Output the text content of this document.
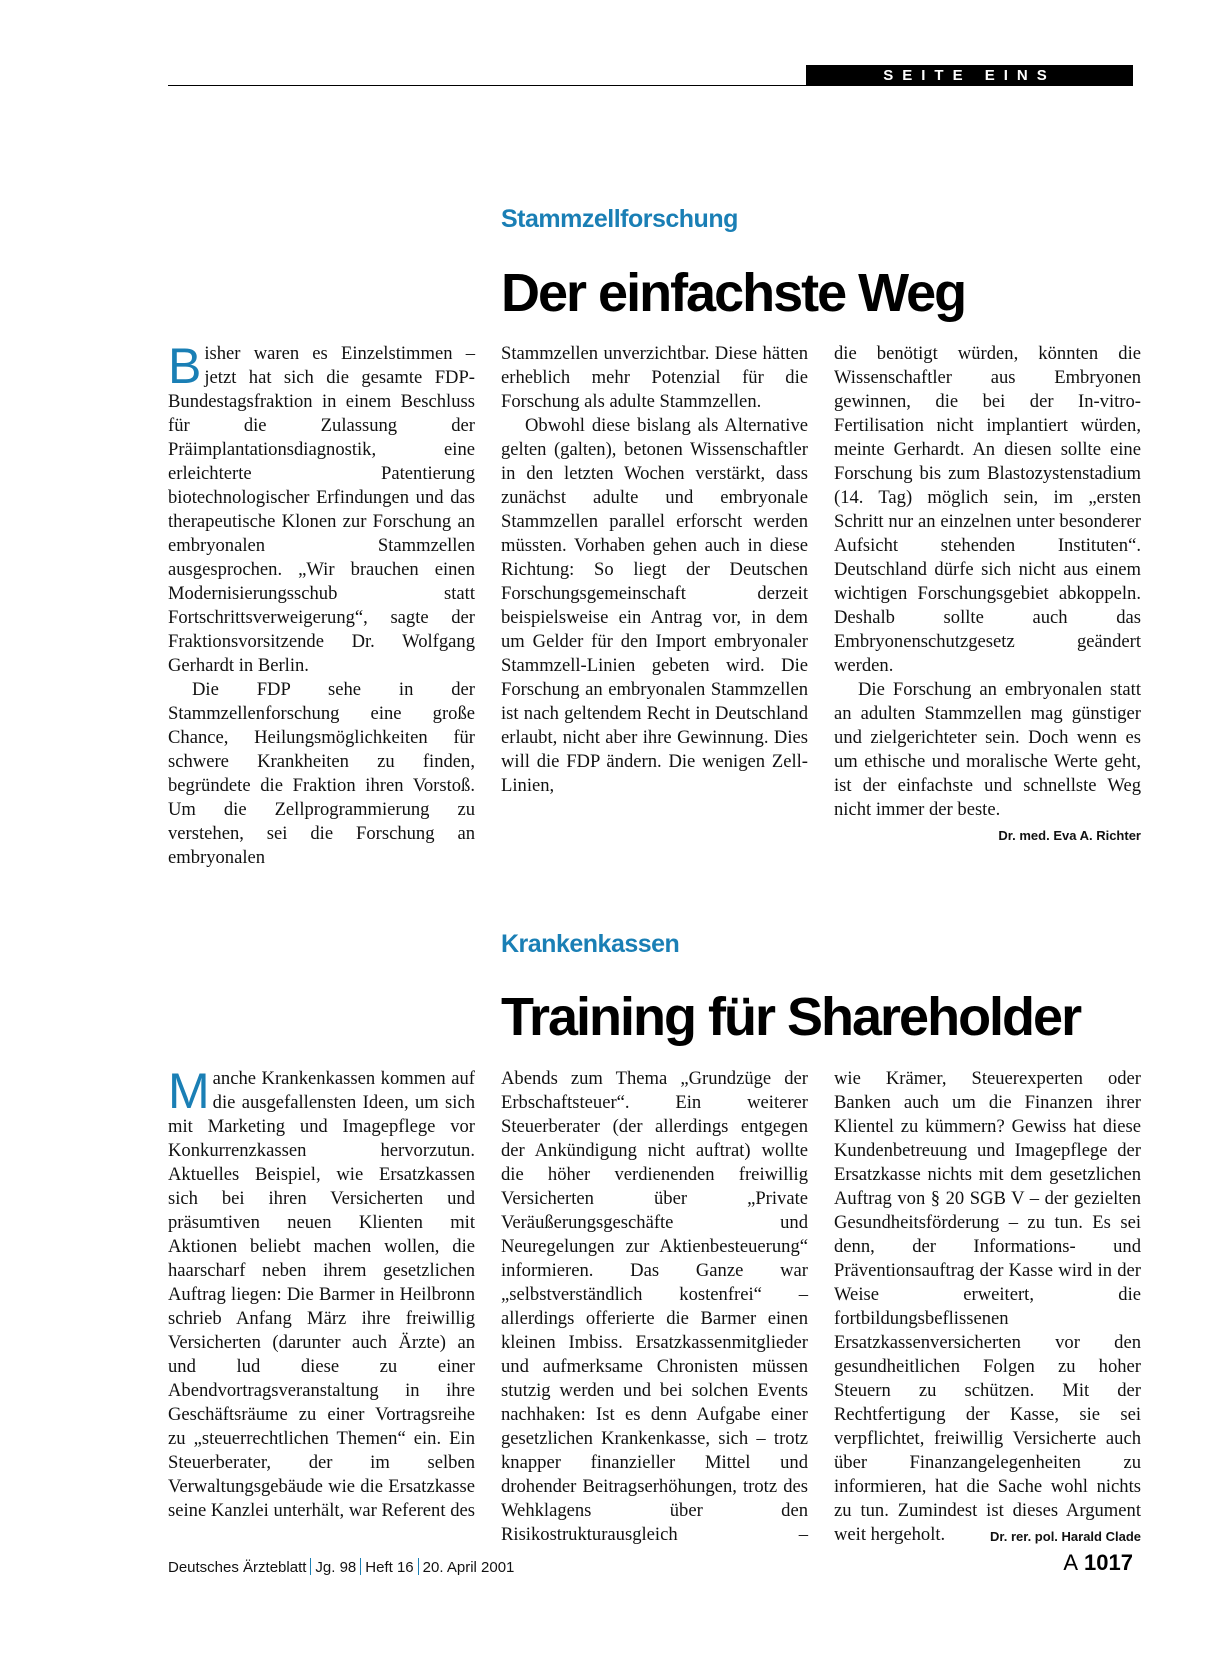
SEITE EINS
Stammzellforschung
Der einfachste Weg

Bisher waren es Einzelstimmen – jetzt hat sich die gesamte FDP-Bundestagsfraktion in einem Beschluss für die Zulassung der Präimplantationsdiagnostik, eine erleichterte Patentierung biotechnologischer Erfindungen und das therapeutische Klonen zur Forschung an embryonalen Stammzellen ausgesprochen. „Wir brauchen einen Modernisierungsschub statt Fortschrittsverweigerung“, sagte der Fraktionsvorsitzende Dr. Wolfgang Gerhardt in Berlin.

Die FDP sehe in der Stammzellenforschung eine große Chance, Heilungsmöglichkeiten für schwere Krankheiten zu finden, begründete die Fraktion ihren Vorstoß. Um die Zellprogrammierung zu verstehen, sei die Forschung an embryonalen

Stammzellen unverzichtbar. Diese hätten erheblich mehr Potenzial für die Forschung als adulte Stammzellen.

Obwohl diese bislang als Alternative gelten (galten), betonen Wissenschaftler in den letzten Wochen verstärkt, dass zunächst adulte und embryonale Stammzellen parallel erforscht werden müssten. Vorhaben gehen auch in diese Richtung: So liegt der Deutschen Forschungsgemeinschaft derzeit beispielsweise ein Antrag vor, in dem um Gelder für den Import embryonaler Stammzell-Linien gebeten wird. Die Forschung an embryonalen Stammzellen ist nach geltendem Recht in Deutschland erlaubt, nicht aber ihre Gewinnung. Dies will die FDP ändern. Die wenigen Zell-Linien,

die benötigt würden, könnten die Wissenschaftler aus Embryonen gewinnen, die bei der In-vitro-Fertilisation nicht implantiert würden, meinte Gerhardt. An diesen sollte eine Forschung bis zum Blastozystenstadium (14. Tag) möglich sein, im „ersten Schritt nur an einzelnen unter besonderer Aufsicht stehenden Instituten“. Deutschland dürfe sich nicht aus einem wichtigen Forschungsgebiet abkoppeln. Deshalb sollte auch das Embryonenschutzgesetz geändert werden.

Die Forschung an embryonalen statt an adulten Stammzellen mag günstiger und zielgerichteter sein. Doch wenn es um ethische und moralische Werte geht, ist der einfachste und schnellste Weg nicht immer der beste.
Dr. med. Eva A. Richter

Krankenkassen
Training für Shareholder

Manche Krankenkassen kommen auf die ausgefallensten Ideen, um sich mit Marketing und Imagepflege vor Konkurrenzkassen hervorzutun. Aktuelles Beispiel, wie Ersatzkassen sich bei ihren Versicherten und präsumtiven neuen Klienten mit Aktionen beliebt machen wollen, die haarscharf neben ihrem gesetzlichen Auftrag liegen: Die Barmer in Heilbronn schrieb Anfang März ihre freiwillig Versicherten (darunter auch Ärzte) an und lud diese zu einer Abendvortragsveranstaltung in ihre Geschäftsräume zu einer Vortragsreihe zu „steuerrechtlichen Themen“ ein. Ein Steuerberater, der im selben Verwaltungsgebäude wie die Ersatzkasse seine Kanzlei unterhält, war Referent des

Abends zum Thema „Grundzüge der Erbschaftsteuer“. Ein weiterer Steuerberater (der allerdings entgegen der Ankündigung nicht auftrat) wollte die höher verdienenden freiwillig Versicherten über „Private Veräußerungsgeschäfte und Neuregelungen zur Aktienbesteuerung“ informieren. Das Ganze war „selbstverständlich kostenfrei“ – allerdings offerierte die Barmer einen kleinen Imbiss. Ersatzkassenmitglieder und aufmerksame Chronisten müssen stutzig werden und bei solchen Events nachhaken: Ist es denn Aufgabe einer gesetzlichen Krankenkasse, sich – trotz knapper finanzieller Mittel und drohender Beitragserhöhungen, trotz des Wehklagens über den Risikostrukturausgleich –

wie Krämer, Steuerexperten oder Banken auch um die Finanzen ihrer Klientel zu kümmern? Gewiss hat diese Kundenbetreuung und Imagepflege der Ersatzkasse nichts mit dem gesetzlichen Auftrag von § 20 SGB V – der gezielten Gesundheitsförderung – zu tun. Es sei denn, der Informations- und Präventionsauftrag der Kasse wird in der Weise erweitert, die fortbildungsbeflissenen Ersatzkassenversicherten vor den gesundheitlichen Folgen zu hoher Steuern zu schützen. Mit der Rechtfertigung der Kasse, sie sei verpflichtet, freiwillig Versicherte auch über Finanzangelegenheiten zu informieren, hat die Sache wohl nichts zu tun. Zumindest ist dieses Argument weit hergeholt.	Dr. rer. pol. Harald Clade

Deutsches Ärzteblatt Jg. 98 Heft 16 20. April 2001	A 1017
